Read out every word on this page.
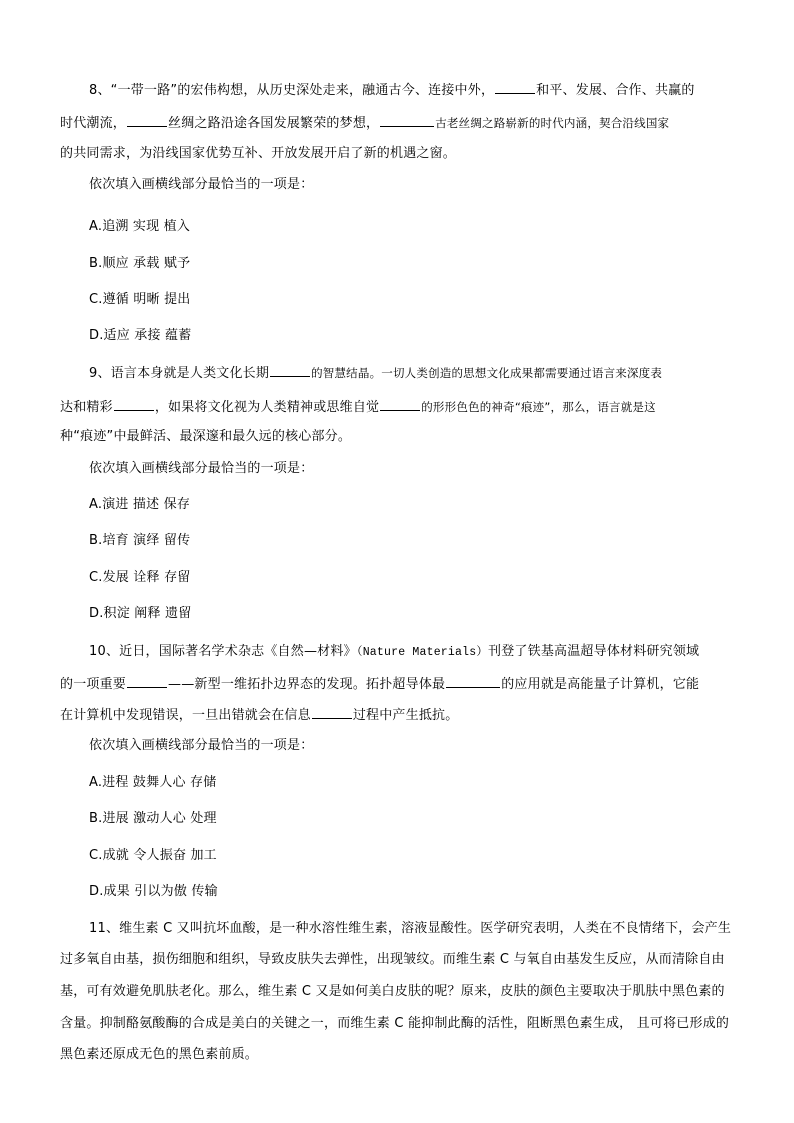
8、“一带一路”的宏伟构想，从历史深处走来，融通古今、连接中外，	和平、发展、合作、共赢的
时代潮流，	丝绸之路沿途各国发展繁荣的梦想，	古老丝绸之路崭新的时代内涵，契合沿线国家
的共同需求，为沿线国家优势互补、开放发展开启了新的机遇之窗。
依次填入画横线部分最恰当的一项是：
A.追溯 实现 植入
B.顺应 承载 赋予
C.遵循 明晰 提出
D.适应 承接 蕴蓄
9、语言本身就是人类文化长期	的智慧结晶。一切人类创造的思想文化成果都需要通过语言来深度表
达和精彩	，如果将文化视为人类精神或思维自觉	的形形色色的神奇“痕迹”，那么，语言就是这
种“痕迹”中最鲜活、最深邃和最久远的核心部分。
依次填入画横线部分最恰当的一项是：
A.演进 描述 保存
B.培育 演绎 留传
C.发展 诠释 存留
D.积淀 阐释 遗留
10、近日，国际著名学术杂志《自然—材料》（Nature Materials）刊登了铁基高温超导体材料研究领域
的一项重要	——新型一维拓扑边界态的发现。拓扑超导体最	的应用就是高能量子计算机，它能
在计算机中发现错误，一旦出错就会在信息	过程中产生抵抗。
依次填入画横线部分最恰当的一项是：
A.进程 鼓舞人心 存储
B.进展 激动人心 处理
C.成就 令人振奋 加工
D.成果 引以为傲 传输
11、维生素 C 又叫抗坏血酸，是一种水溶性维生素，溶液显酸性。医学研究表明，人类在不良情绪下，会产生
过多氧自由基，损伤细胞和组织，导致皮肤失去弹性，出现皱纹。而维生素 C 与氧自由基发生反应，从而清除自由
基，可有效避免肌肤老化。那么，维生素 C 又是如何美白皮肤的呢？原来，皮肤的颜色主要取决于肌肤中黑色素的
含量。抑制酪氨酸酶的合成是美白的关键之一，而维生素 C 能抑制此酶的活性，阻断黑色素生成， 且可将已形成的
黑色素还原成无色的黑色素前质。
